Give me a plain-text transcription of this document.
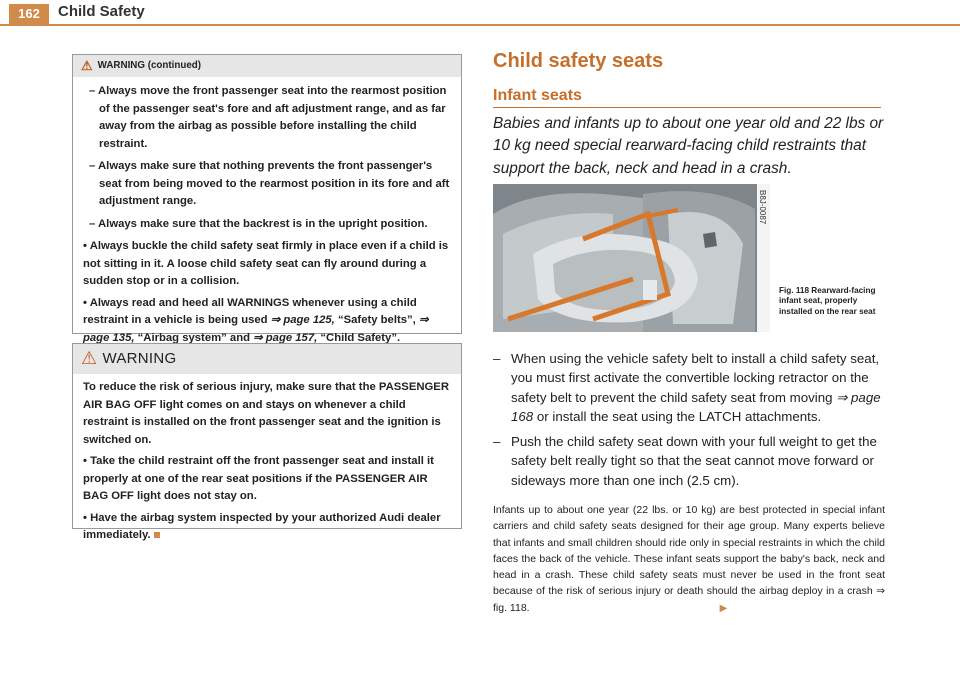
162	Child Safety
⚠ WARNING (continued)

– Always move the front passenger seat into the rearmost position of the passenger seat's fore and aft adjustment range, and as far away from the airbag as possible before installing the child restraint.

– Always make sure that nothing prevents the front passenger's seat from being moved to the rearmost position in its fore and aft adjustment range.

– Always make sure that the backrest is in the upright position.

• Always buckle the child safety seat firmly in place even if a child is not sitting in it. A loose child safety seat can fly around during a sudden stop or in a collision.

• Always read and heed all WARNINGS whenever using a child restraint in a vehicle is being used ⇒ page 125, “Safety belts”, ⇒ page 135, “Airbag system” and ⇒ page 157, “Child Safety”.

⚠ WARNING

To reduce the risk of serious injury, make sure that the PASSENGER AIR BAG OFF light comes on and stays on whenever a child restraint is installed on the front passenger seat and the ignition is switched on.

• Take the child restraint off the front passenger seat and install it properly at one of the rear seat positions if the PASSENGER AIR BAG OFF light does not stay on.

• Have the airbag system inspected by your authorized Audi dealer immediately.

Child safety seats
Infant seats
Babies and infants up to about one year old and 22 lbs or 10 kg need special rearward-facing child restraints that support the back, neck and head in a crash.
B8J-0087
Fig. 118 Rearward-facing infant seat, properly installed on the rear seat

– When using the vehicle safety belt to install a child safety seat, you must first activate the convertible locking retractor on the safety belt to prevent the child safety seat from moving ⇒ page 168 or install the seat using the LATCH attachments.

– Push the child safety seat down with your full weight to get the safety belt really tight so that the seat cannot move forward or sideways more than one inch (2.5 cm).

Infants up to about one year (22 lbs. or 10 kg) are best protected in special infant carriers and child safety seats designed for their age group. Many experts believe that infants and small children should ride only in special restraints in which the child faces the back of the vehicle. These infant seats support the baby's back, neck and head in a crash. These child safety seats must never be used in the front seat because of the risk of serious injury or death should the airbag deploy in a crash ⇒ fig. 118.	▶
